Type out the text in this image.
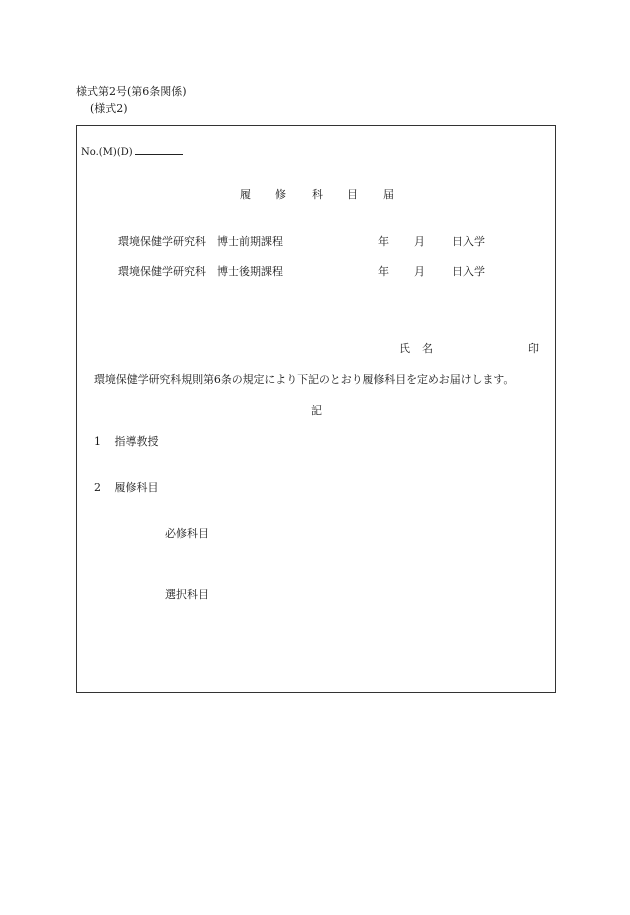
様式第2号(第6条関係)
(様式2)
No.(M)(D)
履 修 科 目 届
環境保健学研究科　博士前期課程	年 月 日入学
環境保健学研究科　博士後期課程	年 月 日入学
氏 名	印
環境保健学研究科規則第6条の規定により下記のとおり履修科目を定めお届けします。
記
1 指導教授
2 履修科目
必修科目
選択科目
